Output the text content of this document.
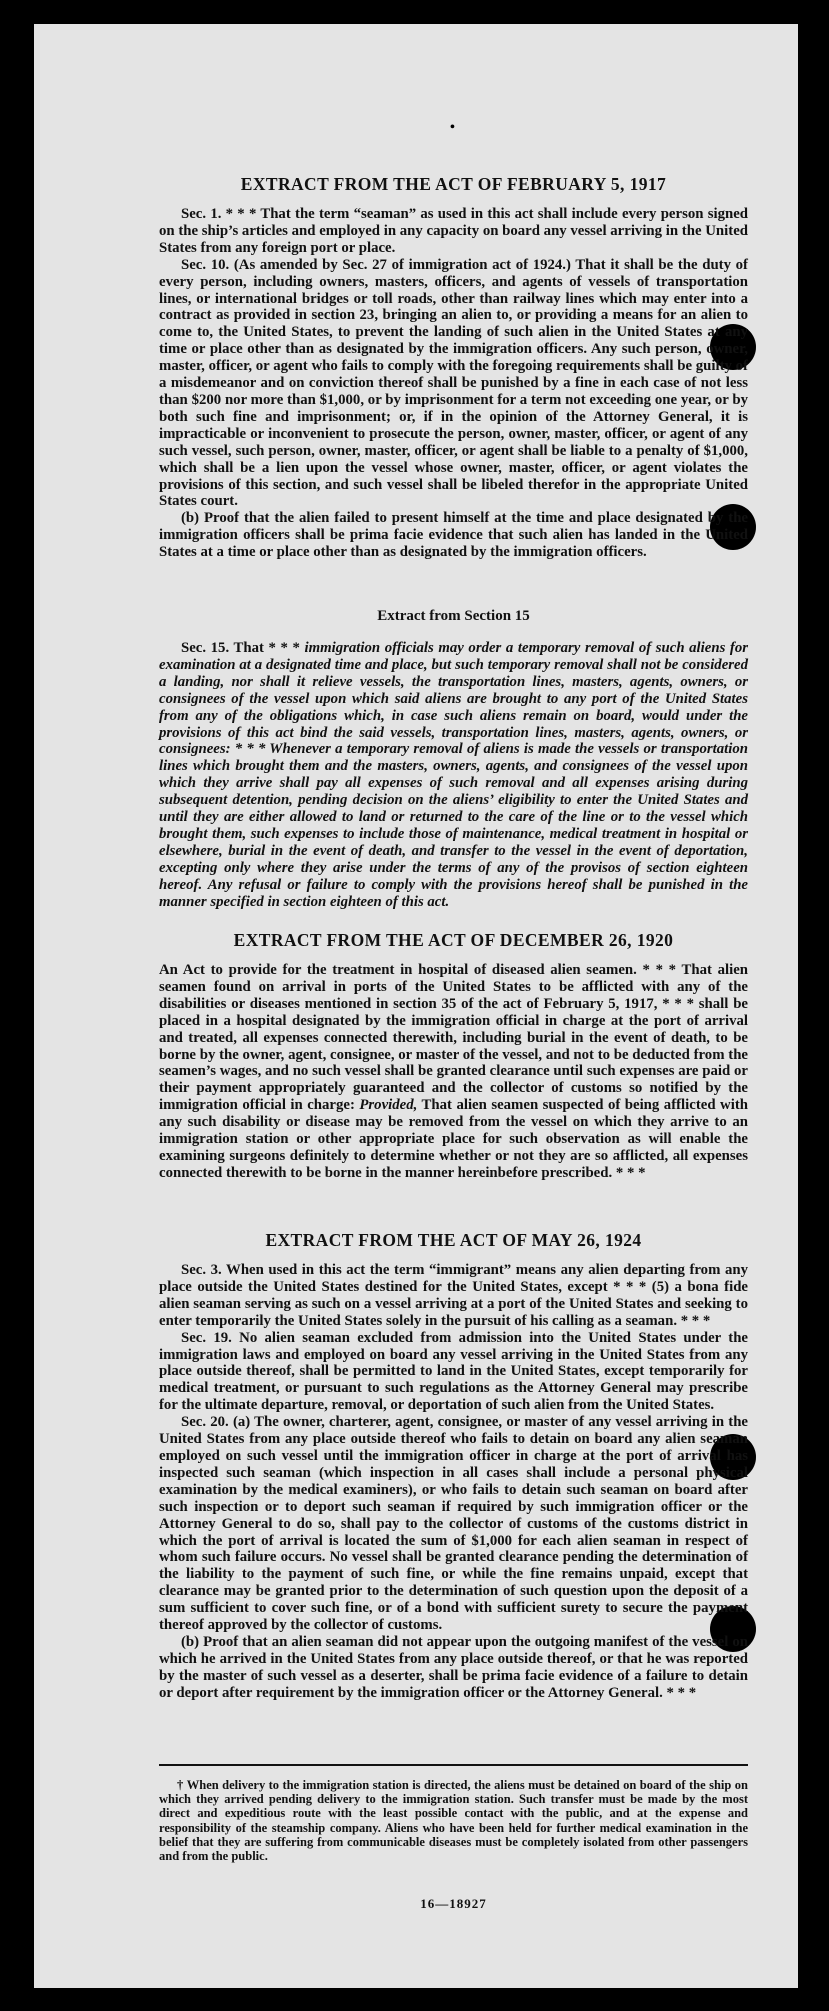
•
EXTRACT FROM THE ACT OF FEBRUARY 5, 1917

Sec. 1. * * * That the term “seaman” as used in this act shall include every person signed on the ship’s articles and employed in any capacity on board any vessel arriving in the United States from any foreign port or place.

Sec. 10. (As amended by Sec. 27 of immigration act of 1924.) That it shall be the duty of every person, including owners, masters, officers, and agents of vessels of transportation lines, or international bridges or toll roads, other than railway lines which may enter into a contract as provided in section 23, bringing an alien to, or providing a means for an alien to come to, the United States, to prevent the landing of such alien in the United States at any time or place other than as designated by the immigration officers. Any such person, owner, master, officer, or agent who fails to comply with the foregoing requirements shall be guilty of a misdemeanor and on conviction thereof shall be punished by a fine in each case of not less than $200 nor more than $1,000, or by imprisonment for a term not exceeding one year, or by both such fine and imprisonment; or, if in the opinion of the Attorney General, it is impracticable or inconvenient to prosecute the person, owner, master, officer, or agent of any such vessel, such person, owner, master, officer, or agent shall be liable to a penalty of $1,000, which shall be a lien upon the vessel whose owner, master, officer, or agent violates the provisions of this section, and such vessel shall be libeled therefor in the appropriate United States court.

(b) Proof that the alien failed to present himself at the time and place designated by the immigration officers shall be prima facie evidence that such alien has landed in the United States at a time or place other than as designated by the immigration officers.

Extract from Section 15

Sec. 15. That * * * immigration officials may order a temporary removal of such aliens for examination at a designated time and place, but such temporary removal shall not be considered a landing, nor shall it relieve vessels, the transportation lines, masters, agents, owners, or consignees of the vessel upon which said aliens are brought to any port of the United States from any of the obligations which, in case such aliens remain on board, would under the provisions of this act bind the said vessels, transportation lines, masters, agents, owners, or consignees: * * * Whenever a temporary removal of aliens is made the vessels or transportation lines which brought them and the masters, owners, agents, and consignees of the vessel upon which they arrive shall pay all expenses of such removal and all expenses arising during subsequent detention, pending decision on the aliens’ eligibility to enter the United States and until they are either allowed to land or returned to the care of the line or to the vessel which brought them, such expenses to include those of maintenance, medical treatment in hospital or elsewhere, burial in the event of death, and transfer to the vessel in the event of deportation, excepting only where they arise under the terms of any of the provisos of section eighteen hereof. Any refusal or failure to comply with the provisions hereof shall be punished in the manner specified in section eighteen of this act.

EXTRACT FROM THE ACT OF DECEMBER 26, 1920

An Act to provide for the treatment in hospital of diseased alien seamen. * * * That alien seamen found on arrival in ports of the United States to be afflicted with any of the disabilities or diseases mentioned in section 35 of the act of February 5, 1917, * * * shall be placed in a hospital designated by the immigration official in charge at the port of arrival and treated, all expenses connected therewith, including burial in the event of death, to be borne by the owner, agent, consignee, or master of the vessel, and not to be deducted from the seamen’s wages, and no such vessel shall be granted clearance until such expenses are paid or their payment appropriately guaranteed and the collector of customs so notified by the immigration official in charge: Provided, That alien seamen suspected of being afflicted with any such disability or disease may be removed from the vessel on which they arrive to an immigration station or other appropriate place for such observation as will enable the examining surgeons definitely to determine whether or not they are so afflicted, all expenses connected therewith to be borne in the manner hereinbefore prescribed. * * *

EXTRACT FROM THE ACT OF MAY 26, 1924

Sec. 3. When used in this act the term “immigrant” means any alien departing from any place outside the United States destined for the United States, except * * * (5) a bona fide alien seaman serving as such on a vessel arriving at a port of the United States and seeking to enter temporarily the United States solely in the pursuit of his calling as a seaman. * * *

Sec. 19. No alien seaman excluded from admission into the United States under the immigration laws and employed on board any vessel arriving in the United States from any place outside thereof, shall be permitted to land in the United States, except temporarily for medical treatment, or pursuant to such regulations as the Attorney General may prescribe for the ultimate departure, removal, or deportation of such alien from the United States.

Sec. 20. (a) The owner, charterer, agent, consignee, or master of any vessel arriving in the United States from any place outside thereof who fails to detain on board any alien seaman employed on such vessel until the immigration officer in charge at the port of arrival has inspected such seaman (which inspection in all cases shall include a personal physical examination by the medical examiners), or who fails to detain such seaman on board after such inspection or to deport such seaman if required by such immigration officer or the Attorney General to do so, shall pay to the collector of customs of the customs district in which the port of arrival is located the sum of $1,000 for each alien seaman in respect of whom such failure occurs. No vessel shall be granted clearance pending the determination of the liability to the payment of such fine, or while the fine remains unpaid, except that clearance may be granted prior to the determination of such question upon the deposit of a sum sufficient to cover such fine, or of a bond with sufficient surety to secure the payment thereof approved by the collector of customs.

(b) Proof that an alien seaman did not appear upon the outgoing manifest of the vessel on which he arrived in the United States from any place outside thereof, or that he was reported by the master of such vessel as a deserter, shall be prima facie evidence of a failure to detain or deport after requirement by the immigration officer or the Attorney General. * * *

† When delivery to the immigration station is directed, the aliens must be detained on board of the ship on which they arrived pending delivery to the immigration station. Such transfer must be made by the most direct and expeditious route with the least possible contact with the public, and at the expense and responsibility of the steamship company. Aliens who have been held for further medical examination in the belief that they are suffering from communicable diseases must be completely isolated from other passengers and from the public.

16—18927
